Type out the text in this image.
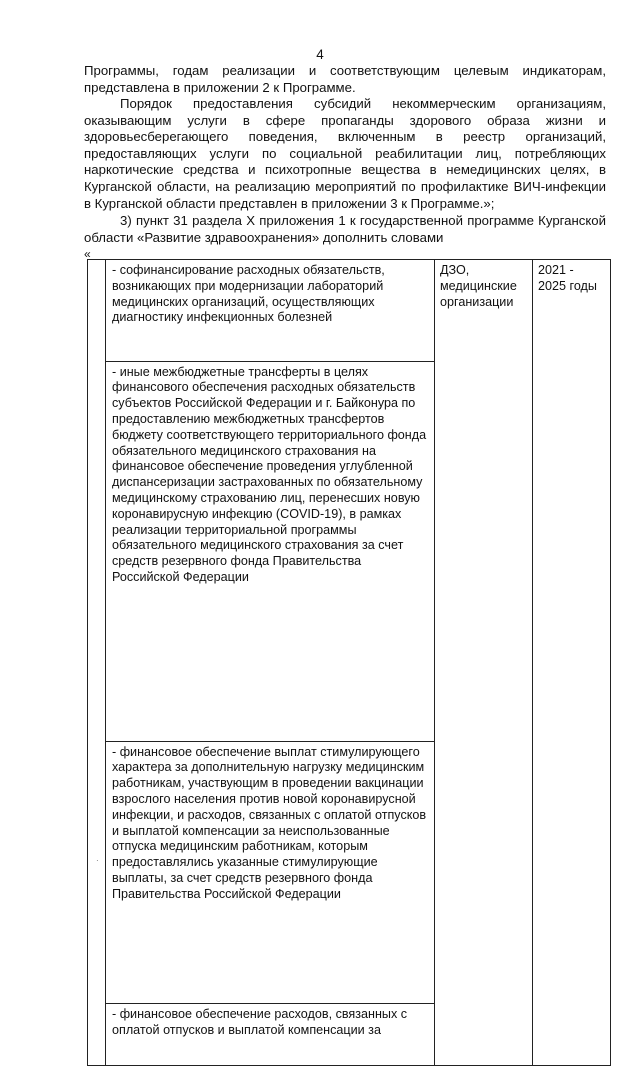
4

Программы, годам реализации и соответствующим целевым индикаторам, представлена в приложении 2 к Программе.

Порядок предоставления субсидий некоммерческим организациям, оказывающим услуги в сфере пропаганды здорового образа жизни и здоровьесберегающего поведения, включенным в реестр организаций, предоставляющих услуги по социальной реабилитации лиц, потребляющих наркотические средства и психотропные вещества в немедицинских целях, в Курганской области, на реализацию мероприятий по профилактике ВИЧ-инфекции в Курганской области представлен в приложении 3 к Программе.»;

3) пункт 31 раздела X приложения 1 к государственной программе Курганской области «Развитие здравоохранения» дополнить словами

«
	- софинансирование расходных обязательств, возникающих при модернизации лабораторий медицинских организаций, осуществляющих диагностику инфекционных болезней	ДЗО, медицинские организации	2021 - 2025 годы
- иные межбюджетные трансферты в целях финансового обеспечения расходных обязательств субъектов Российской Федерации и г. Байконура по предоставлению межбюджетных трансфертов бюджету соответствующего территориального фонда обязательного медицинского страхования на финансовое обеспечение проведения углубленной диспансеризации застрахованных по обязательному медицинскому страхованию лиц, перенесших новую коронавирусную инфекцию (COVID-19), в рамках реализации территориальной программы обязательного медицинского страхования за счет средств резервного фонда Правительства Российской Федерации
- финансовое обеспечение выплат стимулирующего характера за дополнительную нагрузку медицинским работникам, участвующим в проведении вакцинации взрослого населения против новой коронавирусной инфекции, и расходов, связанных с оплатой отпусков и выплатой компенсации за неиспользованные отпуска медицинским работникам, которым предоставлялись указанные стимулирующие выплаты, за счет средств резервного фонда Правительства Российской Федерации
- финансовое обеспечение расходов, связанных с оплатой отпусков и выплатой компенсации за
·
